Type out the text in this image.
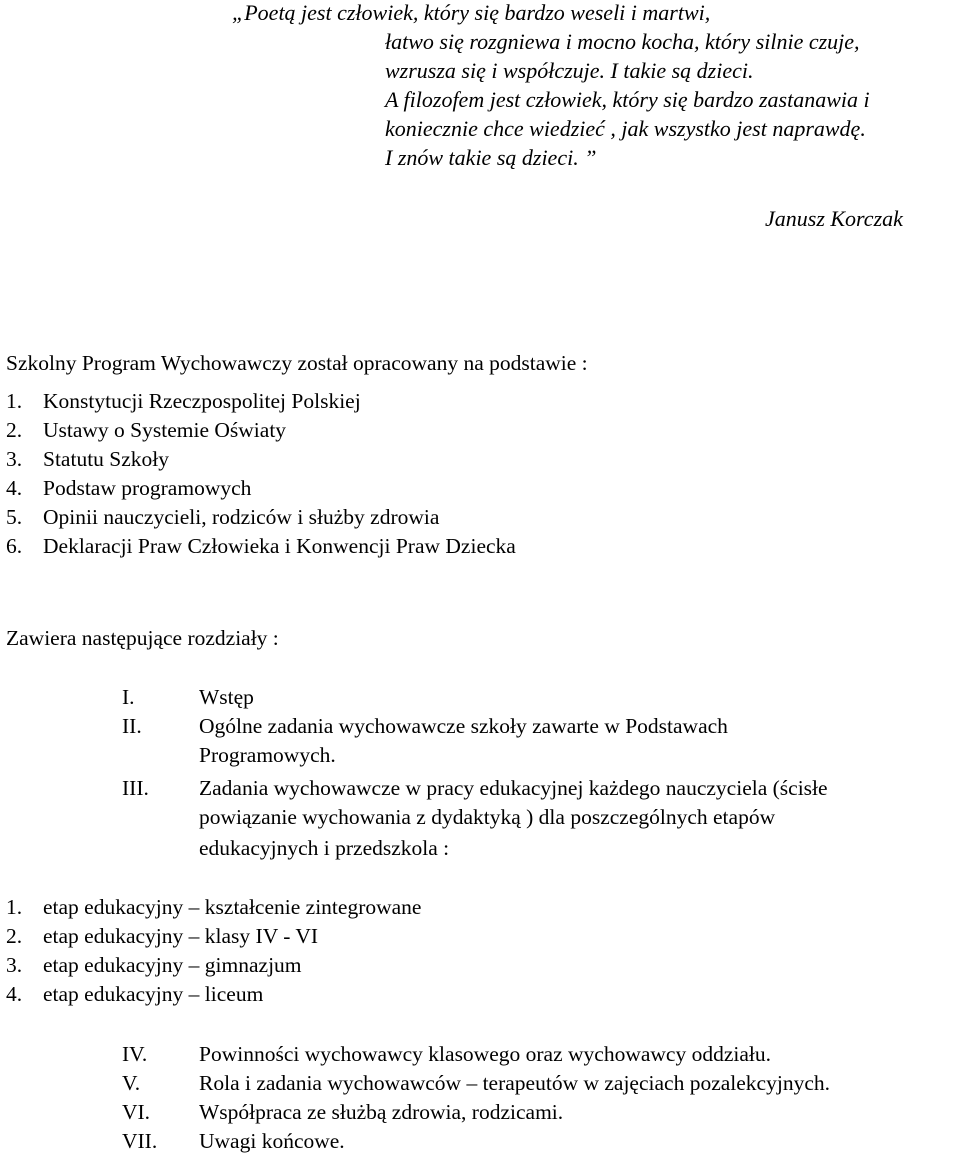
„Poetą jest człowiek, który się bardzo weseli i martwi,
łatwo się rozgniewa i mocno kocha, który silnie czuje,
wzrusza się i współczuje. I takie są dzieci.
A filozofem jest człowiek, który się bardzo zastanawia i
koniecznie chce wiedzieć , jak wszystko jest naprawdę.
I znów takie są dzieci. ”
Janusz Korczak
Szkolny Program Wychowawczy został opracowany na podstawie :
1. Konstytucji Rzeczpospolitej Polskiej
2. Ustawy o Systemie Oświaty
3. Statutu Szkoły
4. Podstaw programowych
5. Opinii nauczycieli, rodziców i służby zdrowia
6. Deklaracji Praw Człowieka i Konwencji Praw Dziecka
Zawiera następujące rozdziały :
I.	Wstęp
II.	Ogólne zadania wychowawcze szkoły zawarte w Podstawach
Programowych.
III. Zadania wychowawcze w pracy edukacyjnej każdego nauczyciela (ścisłe
powiązanie wychowania z dydaktyką ) dla poszczególnych etapów
edukacyjnych i przedszkola :
1. etap edukacyjny – kształcenie zintegrowane
2. etap edukacyjny – klasy IV - VI
3. etap edukacyjny – gimnazjum
4. etap edukacyjny – liceum
IV. Powinności wychowawcy klasowego oraz wychowawcy oddziału.
V.	Rola i zadania wychowawców – terapeutów w zajęciach pozalekcyjnych.
VI. Współpraca ze służbą zdrowia, rodzicami.
VII. Uwagi końcowe.
